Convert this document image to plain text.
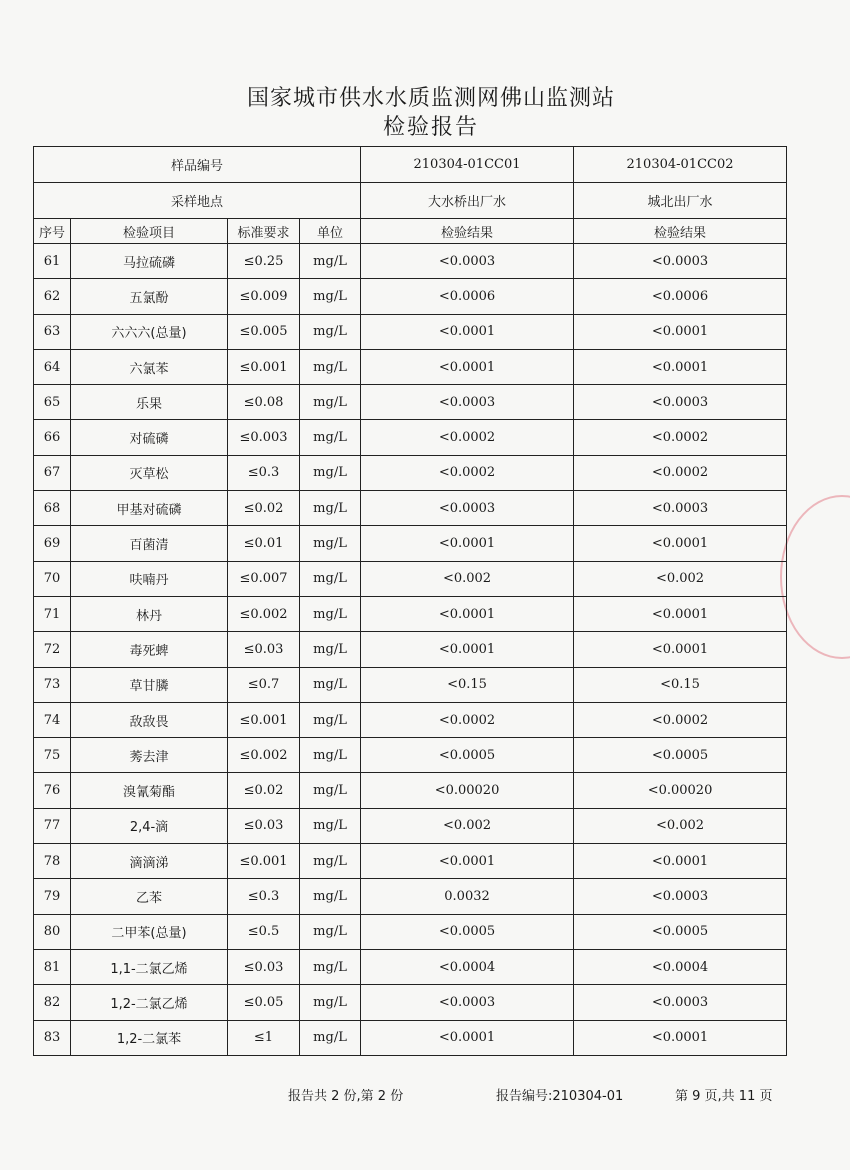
国家城市供水水质监测网佛山监测站
检验报告
样品编号				210304-01CC01	210304-01CC02
采样地点				大水桥出厂水	城北出厂水
序号	检验项目	标准要求	单位	检验结果	检验结果
61	马拉硫磷	≤0.25	mg/L	<0.0003	<0.0003
62	五氯酚	≤0.009	mg/L	<0.0006	<0.0006
63	六六六(总量)	≤0.005	mg/L	<0.0001	<0.0001
64	六氯苯	≤0.001	mg/L	<0.0001	<0.0001
65	乐果	≤0.08	mg/L	<0.0003	<0.0003
66	对硫磷	≤0.003	mg/L	<0.0002	<0.0002
67	灭草松	≤0.3	mg/L	<0.0002	<0.0002
68	甲基对硫磷	≤0.02	mg/L	<0.0003	<0.0003
69	百菌清	≤0.01	mg/L	<0.0001	<0.0001
70	呋喃丹	≤0.007	mg/L	<0.002	<0.002
71	林丹	≤0.002	mg/L	<0.0001	<0.0001
72	毒死蜱	≤0.03	mg/L	<0.0001	<0.0001
73	草甘膦	≤0.7	mg/L	<0.15	<0.15
74	敌敌畏	≤0.001	mg/L	<0.0002	<0.0002
75	莠去津	≤0.002	mg/L	<0.0005	<0.0005
76	溴氰菊酯	≤0.02	mg/L	<0.00020	<0.00020
77	2,4-滴	≤0.03	mg/L	<0.002	<0.002
78	滴滴涕	≤0.001	mg/L	<0.0001	<0.0001
79	乙苯	≤0.3	mg/L	0.0032	<0.0003
80	二甲苯(总量)	≤0.5	mg/L	<0.0005	<0.0005
81	1,1-二氯乙烯	≤0.03	mg/L	<0.0004	<0.0004
82	1,2-二氯乙烯	≤0.05	mg/L	<0.0003	<0.0003
83	1,2-二氯苯	≤1	mg/L	<0.0001	<0.0001
报告共 2 份,第 2 份	报告编号:210304-01	第 9 页,共 11 页
